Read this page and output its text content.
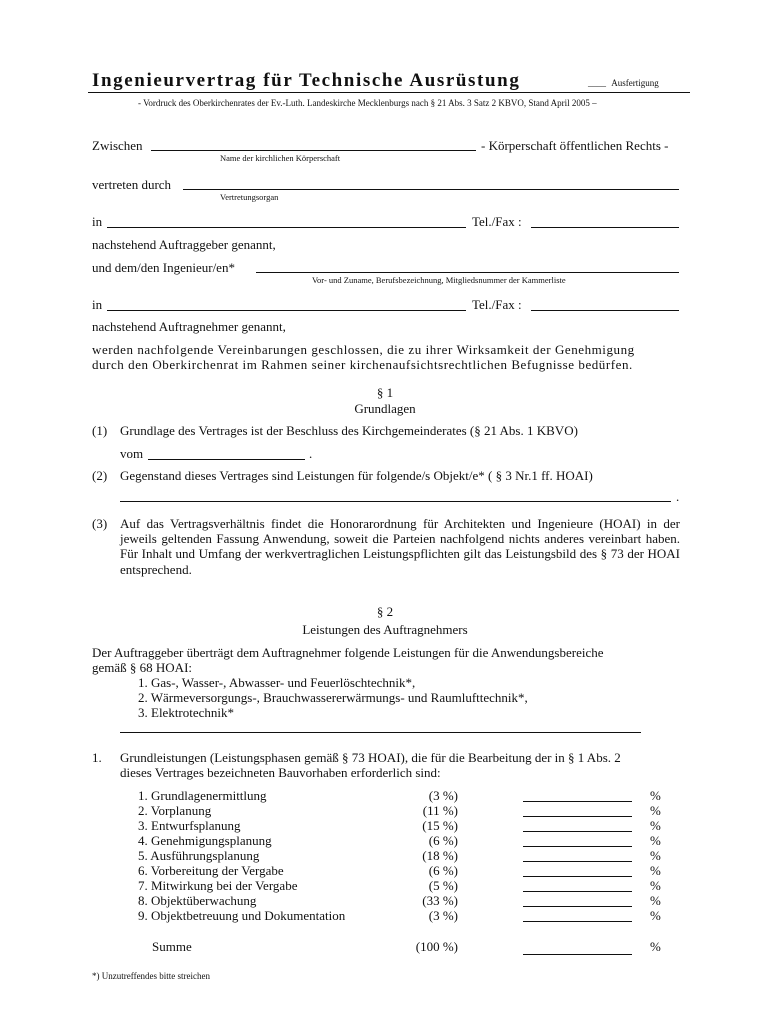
Ingenieurvertrag für Technische Ausrüstung	____ Ausfertigung
- Vordruck des Oberkirchenrates der Ev.-Luth. Landeskirche Mecklenburgs nach § 21 Abs. 3 Satz 2 KBVO, Stand April 2005 –
Zwischen	- Körperschaft öffentlichen Rechts -
Name der kirchlichen Körperschaft
vertreten durch
Vertretungsorgan
in	Tel./Fax :
nachstehend Auftraggeber genannt,
und dem/den Ingenieur/en*
Vor- und Zuname, Berufsbezeichnung, Mitgliedsnummer der Kammerliste
in	Tel./Fax :
nachstehend Auftragnehmer genannt,
werden nachfolgende Vereinbarungen geschlossen, die zu ihrer Wirksamkeit der Genehmigung
durch den Oberkirchenrat im Rahmen seiner kirchenaufsichtsrechtlichen Befugnisse bedürfen.
§ 1
Grundlagen
(1) Grundlage des Vertrages ist der Beschluss des Kirchgemeinderates (§ 21 Abs. 1 KBVO)
vom	.
(2) Gegenstand dieses Vertrages sind Leistungen für folgende/s Objekt/e* ( § 3 Nr.1 ff. HOAI)
.
(3) Auf das Vertragsverhältnis findet die Honorarordnung für Architekten und Ingenieure (HOAI) in der jeweils geltenden Fassung Anwendung, soweit die Parteien nachfolgend nichts anderes vereinbart haben. Für Inhalt und Umfang der werkvertraglichen Leistungspflichten gilt das Leistungsbild des § 73 der HOAI entsprechend.
§ 2
Leistungen des Auftragnehmers
Der Auftraggeber überträgt dem Auftragnehmer folgende Leistungen für die Anwendungsbereiche
gemäß § 68 HOAI:
1. Gas-, Wasser-, Abwasser- und Feuerlöschtechnik*,
2. Wärmeversorgungs-, Brauchwassererwärmungs- und Raumlufttechnik*,
3. Elektrotechnik*
1. Grundleistungen (Leistungsphasen gemäß § 73 HOAI), die für die Bearbeitung der in § 1 Abs. 2
dieses Vertrages bezeichneten Bauvorhaben erforderlich sind:
1. Grundlagenermittlung	(3 %)	%
2. Vorplanung	(11 %)	%
3. Entwurfsplanung	(15 %)	%
4. Genehmigungsplanung	(6 %)	%
5. Ausführungsplanung	(18 %)	%
6. Vorbereitung der Vergabe	(6 %)	%
7. Mitwirkung bei der Vergabe	(5 %)	%
8. Objektüberwachung	(33 %)	%
9. Objektbetreuung und Dokumentation	(3 %)	%
Summe	(100 %)	%
*) Unzutreffendes bitte streichen
